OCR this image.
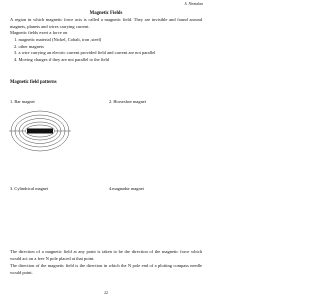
S. Nirmalan
Magnetic Fields
A region in which magnetic force acts is called a magnetic field. They are invisible and found around magnets, planets and wires carrying current.
Magnetic fields exert a force on

1. magnetic material (Nickel, Cobalt, iron ,steel)

2. other magnets

3. a wire carrying an electric current provided field and current are not parallel

4. Moving charges if they are not parallel to the field

Magnetic field patterns
1. Bar magnet	2. Horseshoe magnet
3. Cylindrical magnet	4.magnadur magnet
The direction of a magnetic field at any point is taken to be the direction of the magnetic force which would act on a free N pole placed at that point.
The direction of the magnetic field is the direction in which the N pole end of a plotting compass needle would point.
22
